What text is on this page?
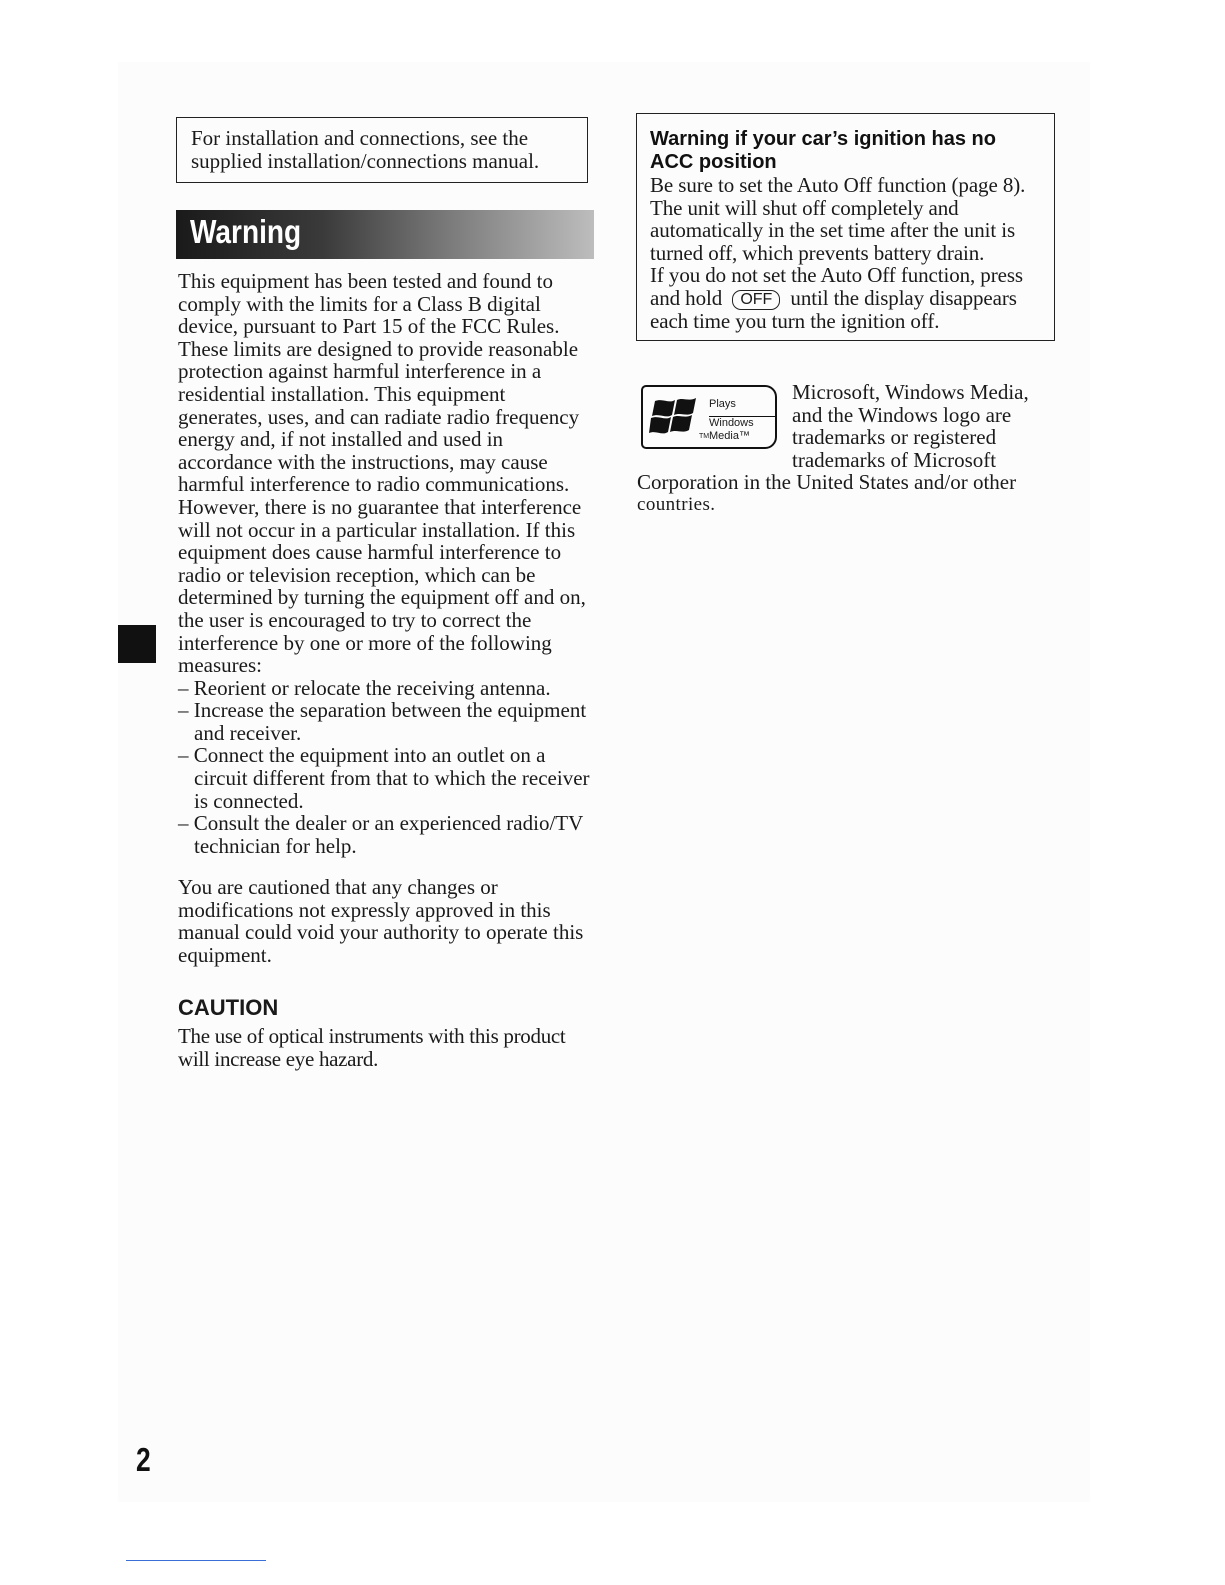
For installation and connections, see the
supplied installation/connections manual.
Warning
This equipment has been tested and found to
comply with the limits for a Class B digital
device, pursuant to Part 15 of the FCC Rules.
These limits are designed to provide reasonable
protection against harmful interference in a
residential installation. This equipment
generates, uses, and can radiate radio frequency
energy and, if not installed and used in
accordance with the instructions, may cause
harmful interference to radio communications.
However, there is no guarantee that interference
will not occur in a particular installation. If this
equipment does cause harmful interference to
radio or television reception, which can be
determined by turning the equipment off and on,
the user is encouraged to try to correct the
interference by one or more of the following
measures:
– Reorient or relocate the receiving antenna.
– Increase the separation between the equipment
and receiver.
– Connect the equipment into an outlet on a
circuit different from that to which the receiver
is connected.
– Consult the dealer or an experienced radio/TV
technician for help.
You are cautioned that any changes or
modifications not expressly approved in this
manual could void your authority to operate this
equipment.
CAUTION
The use of optical instruments with this product
will increase eye hazard.
2
Warning if your car’s ignition has no
ACC position
Be sure to set the Auto Off function (page 8).
The unit will shut off completely and
automatically in the set time after the unit is
turned off, which prevents battery drain.
If you do not set the Auto Off function, press
and hold  OFF  until the display disappears
each time you turn the ignition off.
Plays
Windows
TM Media™
Microsoft, Windows Media,
and the Windows logo are
trademarks or registered
trademarks of Microsoft
Corporation in the United States and/or other
countries.
